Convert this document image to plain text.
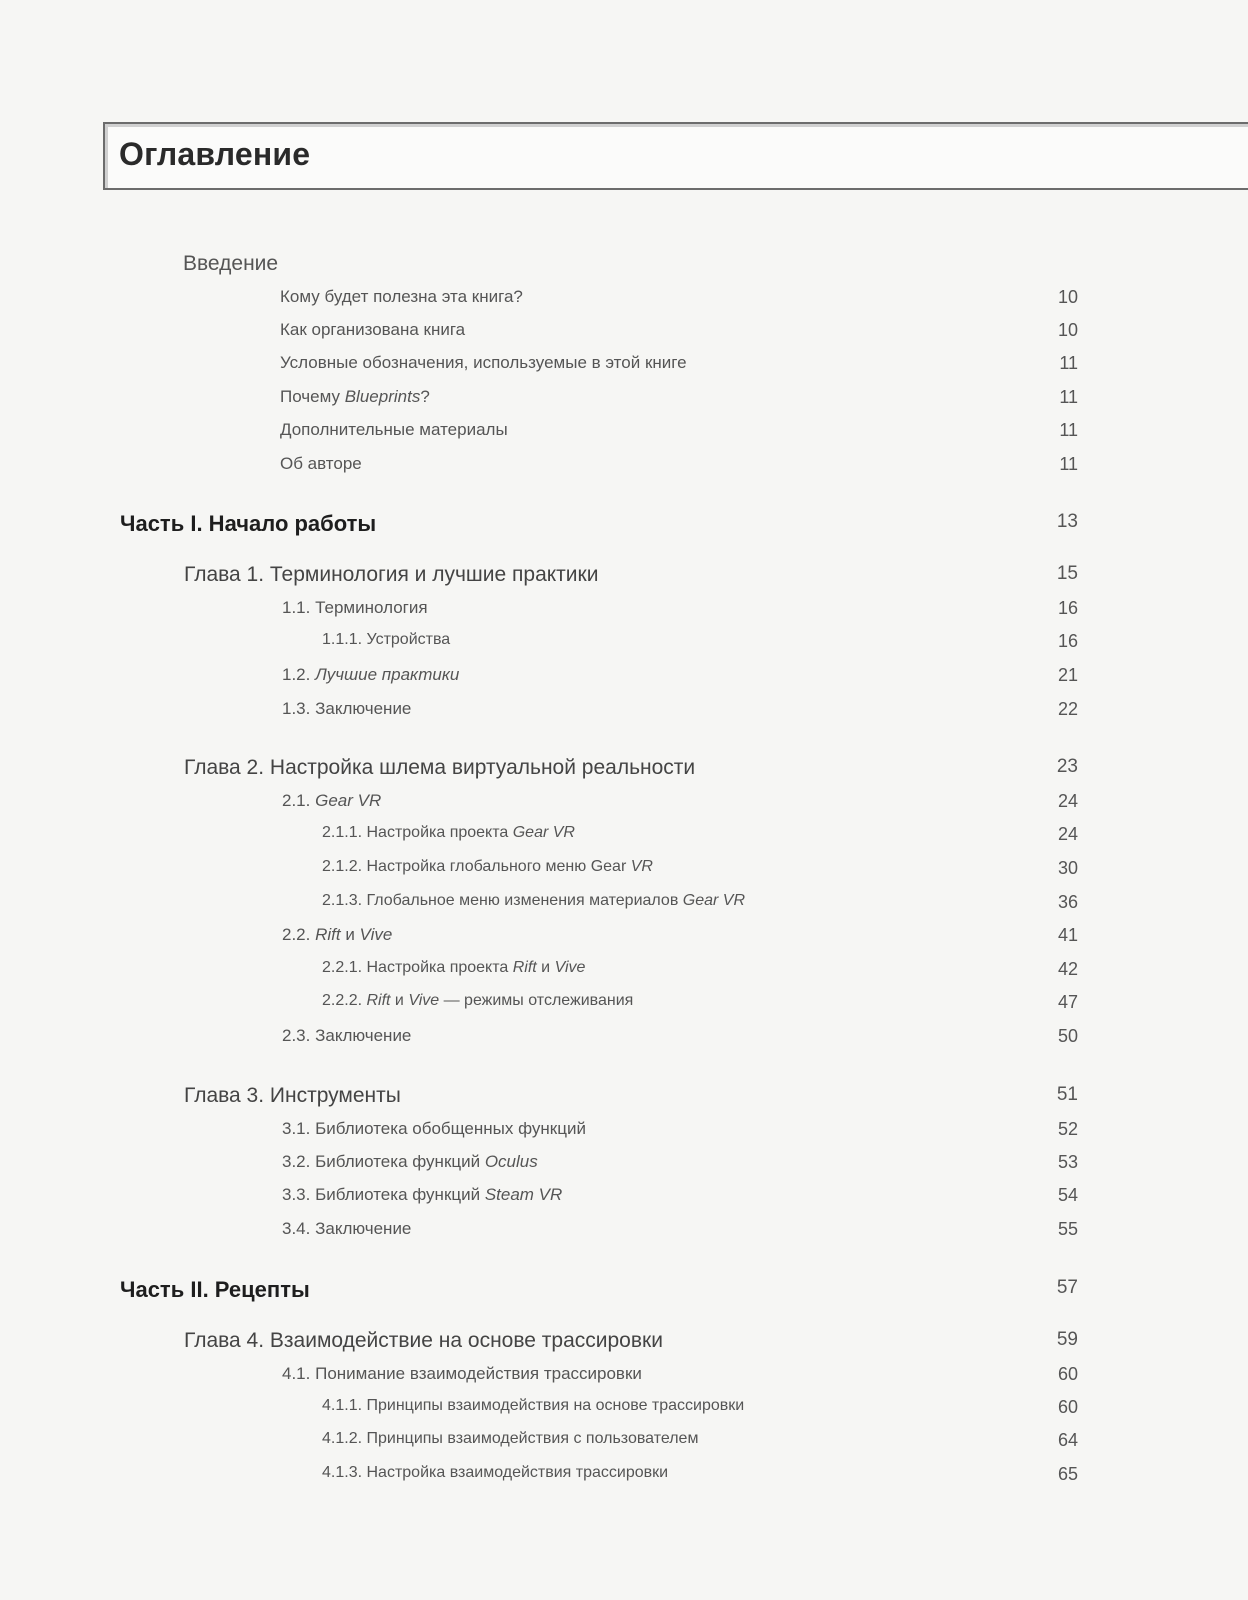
Оглавление
Введение
Кому будет полезна эта книга?	10
Как организована книга	10
Условные обозначения, используемые в этой книге	11
Почему Blueprints?	11
Дополнительные материалы	11
Об авторе	11
Часть I. Начало работы	13
Глава 1. Терминология и лучшие практики	15
1.1. Терминология	16
1.1.1. Устройства	16
1.2. Лучшие практики	21
1.3. Заключение	22
Глава 2. Настройка шлема виртуальной реальности	23
2.1. Gear VR	24
2.1.1. Настройка проекта Gear VR	24
2.1.2. Настройка глобального меню Gear VR	30
2.1.3. Глобальное меню изменения материалов Gear VR	36
2.2. Rift и Vive	41
2.2.1. Настройка проекта Rift и Vive	42
2.2.2. Rift и Vive — режимы отслеживания	47
2.3. Заключение	50
Глава 3. Инструменты	51
3.1. Библиотека обобщенных функций	52
3.2. Библиотека функций Oculus	53
3.3. Библиотека функций Steam VR	54
3.4. Заключение	55
Часть II. Рецепты	57
Глава 4. Взаимодействие на основе трассировки	59
4.1. Понимание взаимодействия трассировки	60
4.1.1. Принципы взаимодействия на основе трассировки	60
4.1.2. Принципы взаимодействия с пользователем	64
4.1.3. Настройка взаимодействия трассировки	65
